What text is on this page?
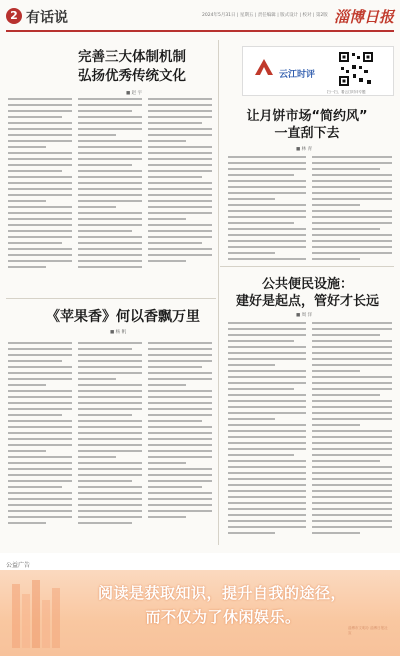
2 有话说	2024年5月31日 | 星期五 | 责任编辑 | 版式设计 | 校对 | 第2版 淄博日报
完善三大体制机制
弘扬优秀传统文化
■ 赵 宇
云江时评
扫一扫，看云江时评专题
让月饼市场“简约风”
一直刮下去
■ 林 青
《苹果香》何以香飘万里
■ 杨 帆
公共便民设施：
建好是起点，管好才长远
■ 周 洋
公益广告
阅读是获取知识，提升自我的途径，
而不仅为了休闲娱乐。
淄博市文明办 淄博日报社 宣
